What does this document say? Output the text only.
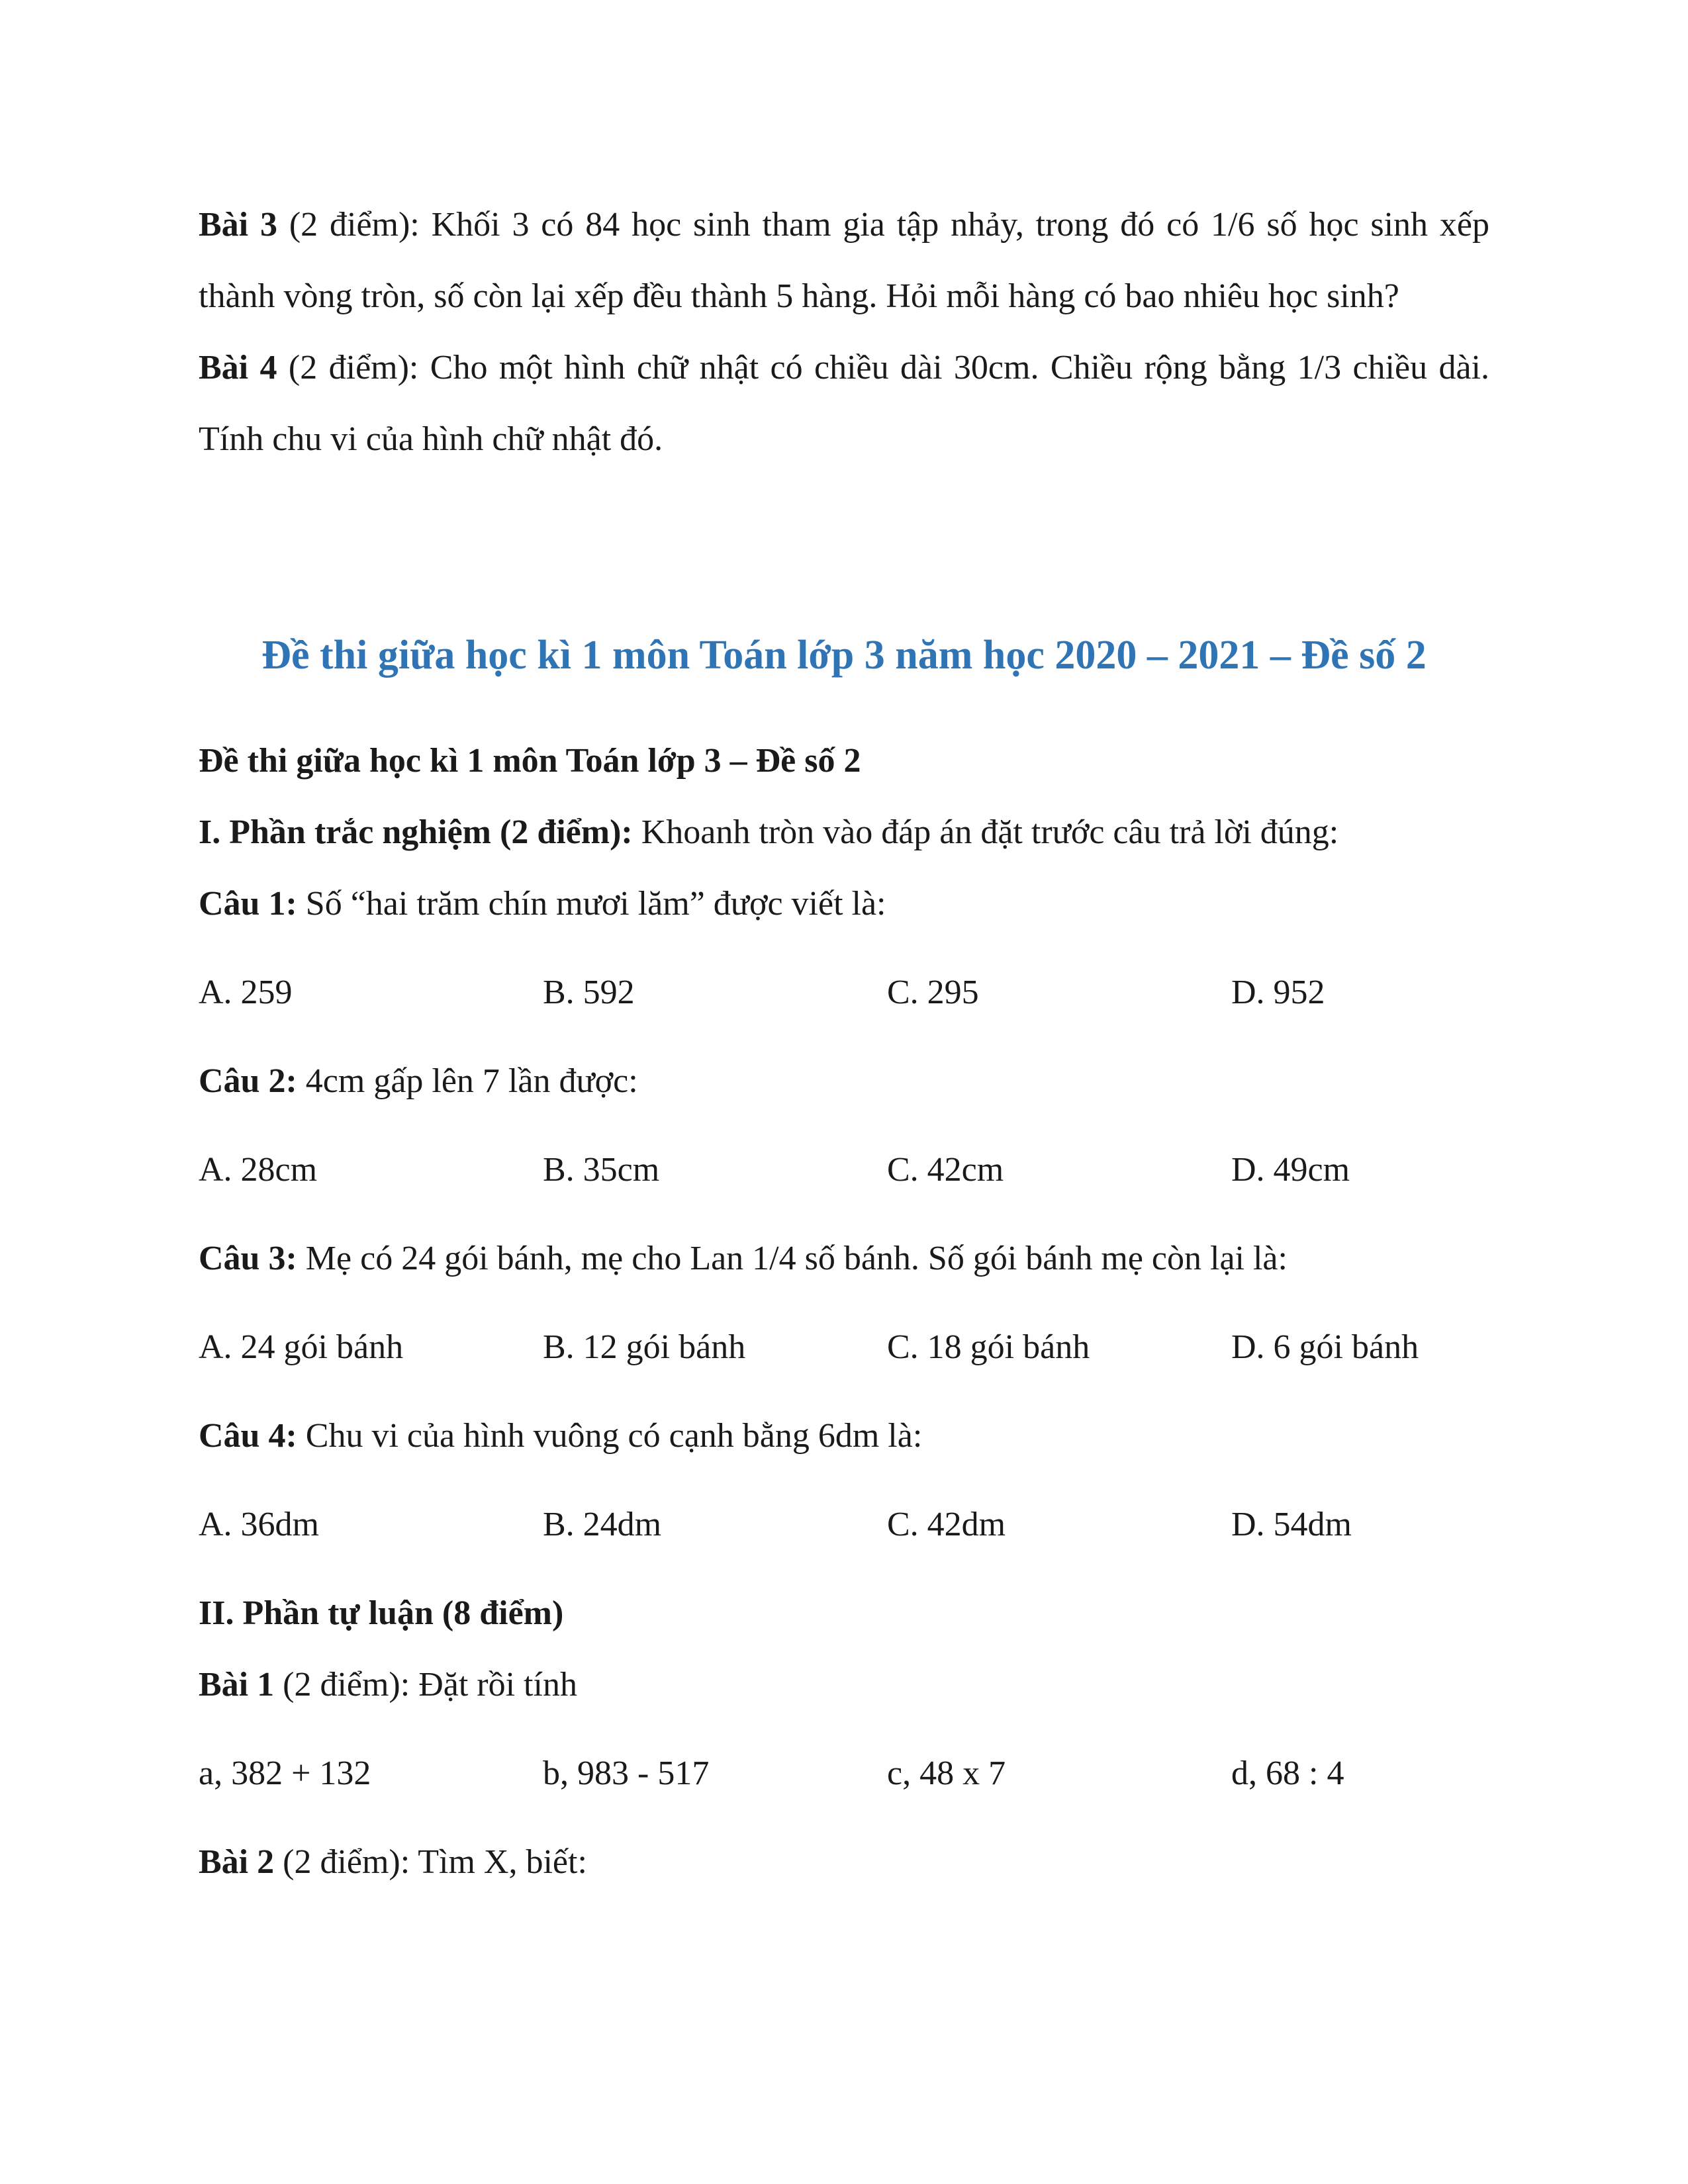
Bài 3 (2 điểm): Khối 3 có 84 học sinh tham gia tập nhảy, trong đó có 1/6 số học sinh xếp thành vòng tròn, số còn lại xếp đều thành 5 hàng. Hỏi mỗi hàng có bao nhiêu học sinh?

Bài 4 (2 điểm): Cho một hình chữ nhật có chiều dài 30cm. Chiều rộng bằng 1/3 chiều dài. Tính chu vi của hình chữ nhật đó.

Đề thi giữa học kì 1 môn Toán lớp 3 năm học 2020 – 2021 – Đề số 2

Đề thi giữa học kì 1 môn Toán lớp 3 – Đề số 2

I. Phần trắc nghiệm (2 điểm): Khoanh tròn vào đáp án đặt trước câu trả lời đúng:

Câu 1: Số “hai trăm chín mươi lăm” được viết là:

A. 259	B. 592	C. 295	D. 952

Câu 2: 4cm gấp lên 7 lần được:

A. 28cm	B. 35cm	C. 42cm	D. 49cm

Câu 3: Mẹ có 24 gói bánh, mẹ cho Lan 1/4 số bánh. Số gói bánh mẹ còn lại là:

A. 24 gói bánh	B. 12 gói bánh	C. 18 gói bánh	D. 6 gói bánh

Câu 4: Chu vi của hình vuông có cạnh bằng 6dm là:

A. 36dm	B. 24dm	C. 42dm	D. 54dm

II. Phần tự luận (8 điểm)

Bài 1 (2 điểm): Đặt rồi tính

a, 382 + 132	b, 983 - 517	c, 48 x 7	d, 68 : 4

Bài 2 (2 điểm): Tìm X, biết:
